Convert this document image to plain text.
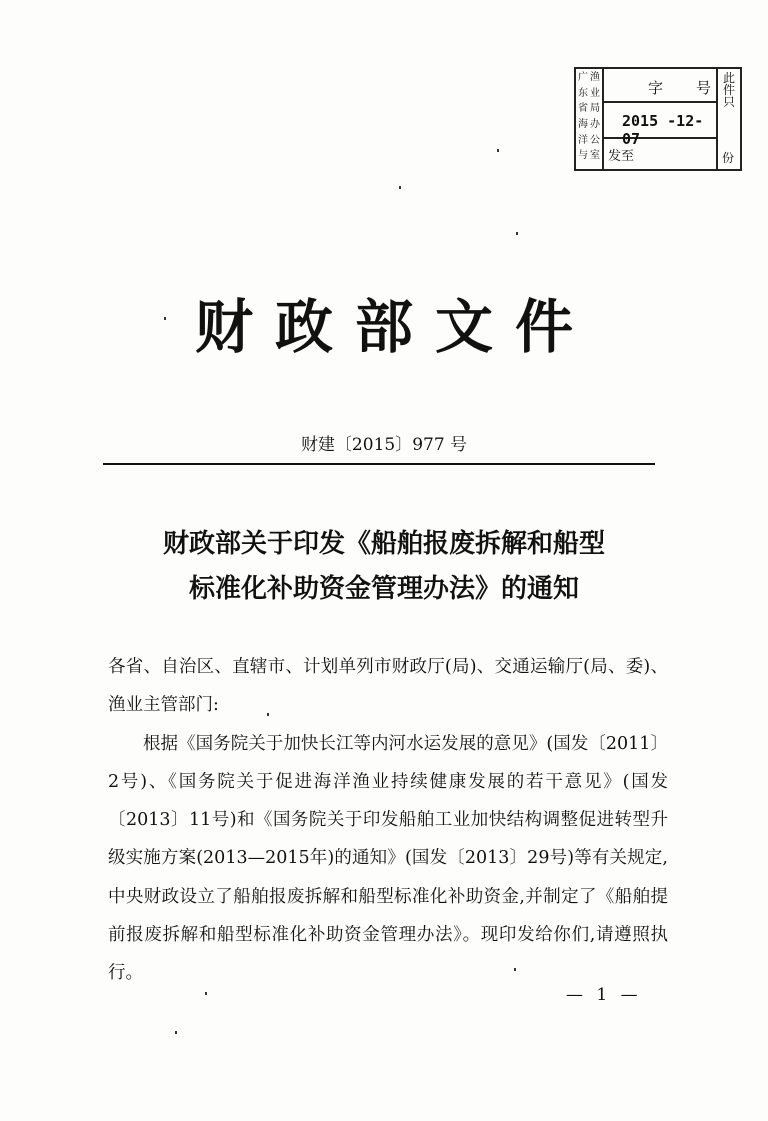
广 渔
东 业
省 局
海 办
洋 公
与 室
字 号
2015 -12- 07
发至
此件只
份
财政部文件
财建〔2015〕977 号
财政部关于印发《船舶报废拆解和船型
标准化补助资金管理办法》的通知

各省、自治区、直辖市、计划单列市财政厅(局)、交通运输厅(局、委)、渔业主管部门:

根据《国务院关于加快长江等内河水运发展的意见》(国发〔2011〕2号)、《国务院关于促进海洋渔业持续健康发展的若干意见》(国发〔2013〕11号)和《国务院关于印发船舶工业加快结构调整促进转型升级实施方案(2013—2015年)的通知》(国发〔2013〕29号)等有关规定,中央财政设立了船舶报废拆解和船型标准化补助资金,并制定了《船舶提前报废拆解和船型标准化补助资金管理办法》。现印发给你们,请遵照执行。

— 1 —
